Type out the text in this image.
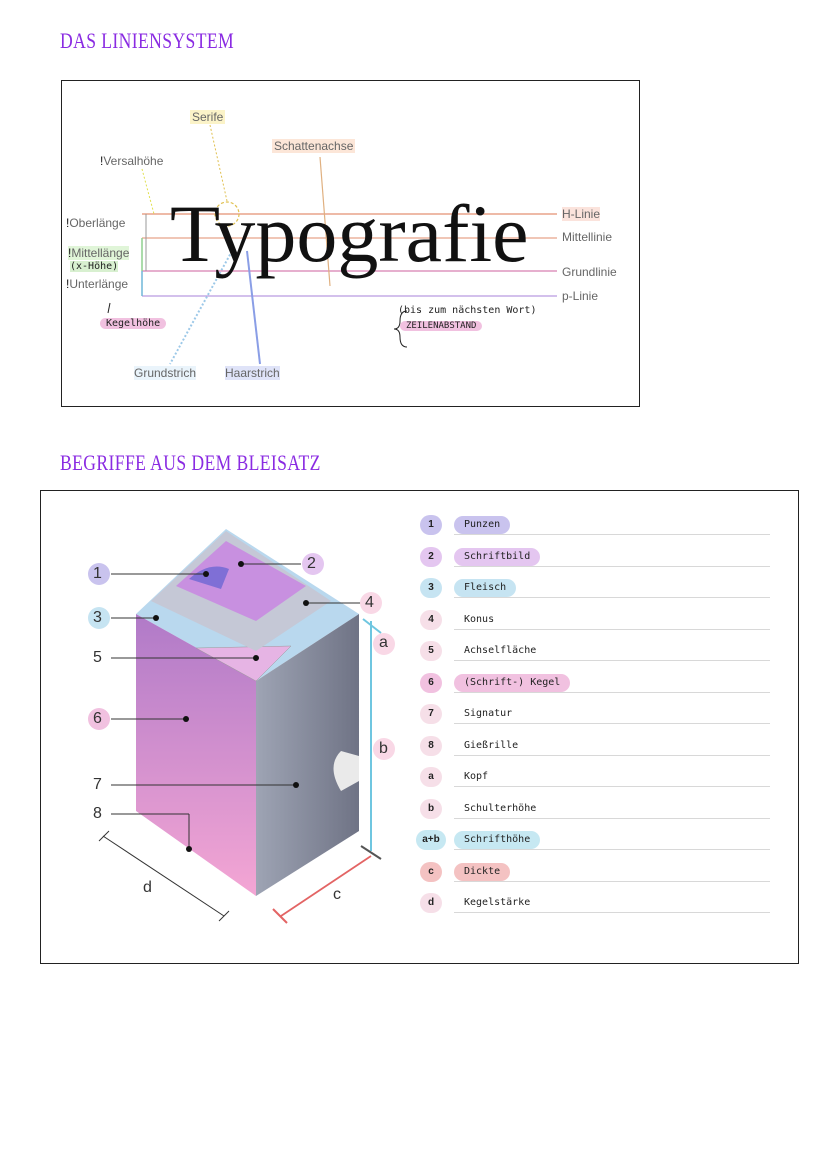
DAS LINIENSYSTEM
BEGRIFFE AUS DEM BLEISATZ
Typografie
Serife
Schattenachse
!Versalhöhe
!Oberlänge
!Mittellänge
(x-Höhe)
!Unterlänge
Kegelhöhe
H-Linie
Mittellinie
Grundlinie
p-Linie
(bis zum nächsten Wort)
ZEILENABSTAND
Grundstrich Haarstrich
1
2
3
4
5
6
7
8
a
b
c
d
1	Punzen
2	Schriftbild
3	Fleisch
4	Konus
5	Achselfläche
6	(Schrift-) Kegel
7	Signatur
8	Gießrille
a	Kopf
b	Schulterhöhe
a+b	Schrifthöhe
c	Dickte
d	Kegelstärke
